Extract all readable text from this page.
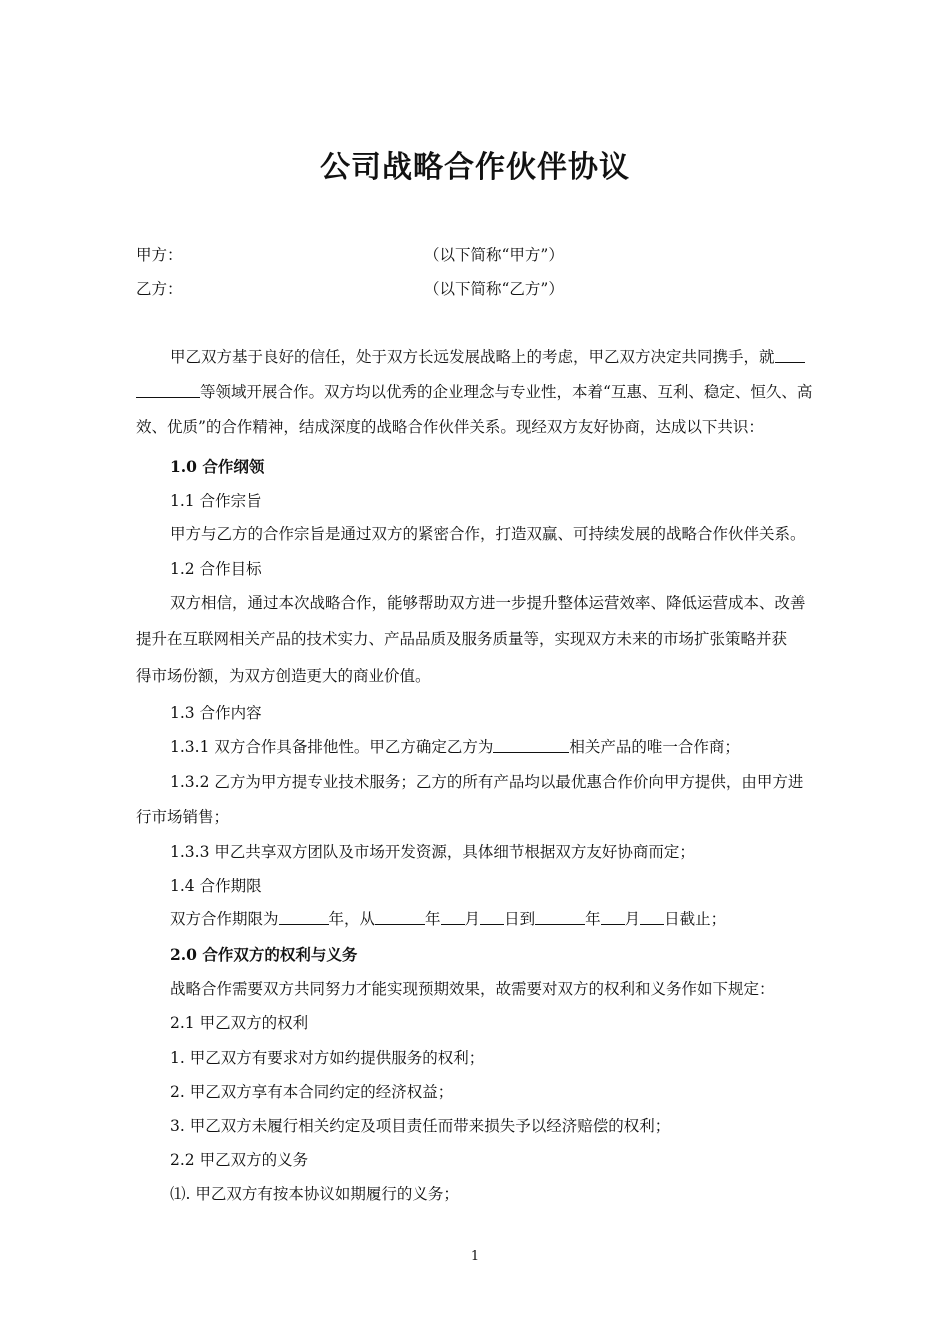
公司战略合作伙伴协议
甲方：	（以下简称“甲方”）
乙方：	（以下简称“乙方”）
甲乙双方基于良好的信任，处于双方长远发展战略上的考虑，甲乙双方决定共同携手，就
等领域开展合作。双方均以优秀的企业理念与专业性，本着“互惠、互利、稳定、恒久、高
效、优质”的合作精神，结成深度的战略合作伙伴关系。现经双方友好协商，达成以下共识：
1.0 合作纲领
1.1 合作宗旨
甲方与乙方的合作宗旨是通过双方的紧密合作，打造双赢、可持续发展的战略合作伙伴关系。
1.2 合作目标
双方相信，通过本次战略合作，能够帮助双方进一步提升整体运营效率、降低运营成本、改善
提升在互联网相关产品的技术实力、产品品质及服务质量等，实现双方未来的市场扩张策略并获
得市场份额，为双方创造更大的商业价值。
1.3 合作内容
1.3.1 双方合作具备排他性。甲乙方确定乙方为	相关产品的唯一合作商；
1.3.2 乙方为甲方提专业技术服务；乙方的所有产品均以最优惠合作价向甲方提供，由甲方进
行市场销售；
1.3.3 甲乙共享双方团队及市场开发资源，具体细节根据双方友好协商而定；
1.4 合作期限
双方合作期限为	年，从	年 月 日到	年 月 日截止；
2.0 合作双方的权利与义务
战略合作需要双方共同努力才能实现预期效果，故需要对双方的权利和义务作如下规定：
2.1 甲乙双方的权利
1. 甲乙双方有要求对方如约提供服务的权利；
2. 甲乙双方享有本合同约定的经济权益；
3. 甲乙双方未履行相关约定及项目责任而带来损失予以经济赔偿的权利；
2.2 甲乙双方的义务
⑴. 甲乙双方有按本协议如期履行的义务；
1
